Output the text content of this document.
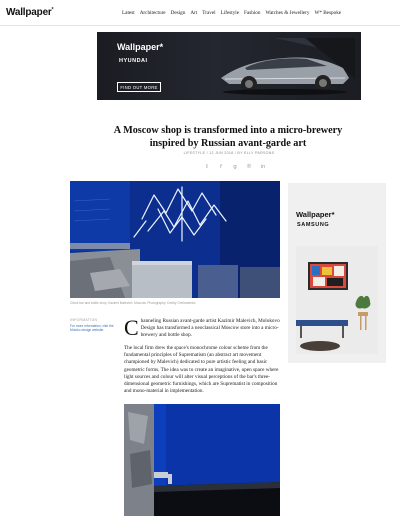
Wallpaper*	Latest Architecture Design Art Travel Lifestyle Fashion Watches & Jewellery W* Bespoke
Wallpaper*
HYUNDAI
FIND OUT MORE
A Moscow shop is transformed into a micro-brewery inspired by Russian avant-garde art
LIFESTYLE / 12 JUN 2018 / BY ELLY PARSONS
𝕥	f	g ℗ in
Citrus bar and bottle shop, Kazimir Malevich, Moscow. Photography: Dmitry Chebanenko
INFORMATION
For more information, visit the Moloko design website Channeling Russian avant-garde artist Kazimir Malevich, Molokovo Design has transformed a neoclassical Moscow store into a micro-brewery and bottle shop.

The local firm drew the space's monochrome colour scheme from the fundamental principles of Suprematism (an abstract art movement championed by Malevich) dedicated to pure artistic feeling and basic geometric forms. The idea was to create an imaginative, open space where light sources and colour will alter visual perceptions of the bar's three-dimensional geometric furnishings, which are Suprematist in composition and mono-material in implementation.

Wallpaper*
SAMSUNG
